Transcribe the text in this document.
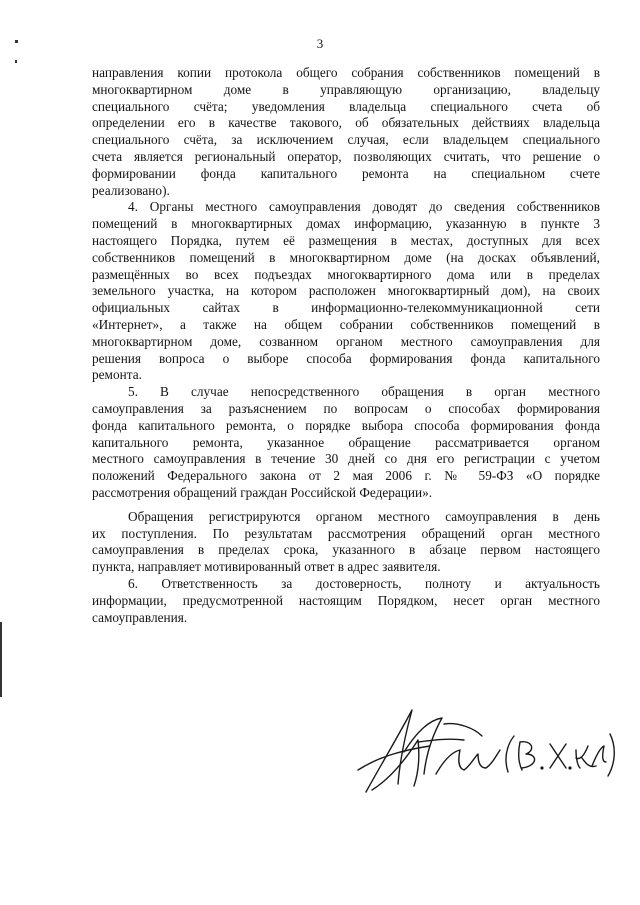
3
направления копии протокола общего собрания собственников помещений в
многоквартирном доме в управляющую организацию, владельцу
специального счёта; уведомления владельца специального счета об
определении его в качестве такового, об обязательных действиях владельца
специального счёта, за исключением случая, если владельцем специального
счета является региональный оператор, позволяющих считать, что решение о
формировании фонда капитального ремонта на специальном счете
реализовано).
4. Органы местного самоуправления доводят до сведения собственников
помещений в многоквартирных домах информацию, указанную в пункте 3
настоящего Порядка, путем её размещения в местах, доступных для всех
собственников помещений в многоквартирном доме (на досках объявлений,
размещённых во всех подъездах многоквартирного дома или в пределах
земельного участка, на котором расположен многоквартирный дом), на своих
официальных сайтах в информационно-телекоммуникационной сети
«Интернет», а также на общем собрании собственников помещений в
многоквартирном доме, созванном органом местного самоуправления для
решения вопроса о выборе способа формирования фонда капитального
ремонта.
5. В случае непосредственного обращения в орган местного
самоуправления за разъяснением по вопросам о способах формирования
фонда капитального ремонта, о порядке выбора способа формирования фонда
капитального ремонта, указанное обращение рассматривается органом
местного самоуправления в течение 30 дней со дня его регистрации с учетом
положений Федерального закона от 2 мая 2006 г. № 59-ФЗ «О порядке
рассмотрения обращений граждан Российской Федерации».
Обращения регистрируются органом местного самоуправления в день
их поступления. По результатам рассмотрения обращений орган местного
самоуправления в пределах срока, указанного в абзаце первом настоящего
пункта, направляет мотивированный ответ в адрес заявителя.
6. Ответственность за достоверность, полноту и актуальность
информации, предусмотренной настоящим Порядком, несет орган местного
самоуправления.
